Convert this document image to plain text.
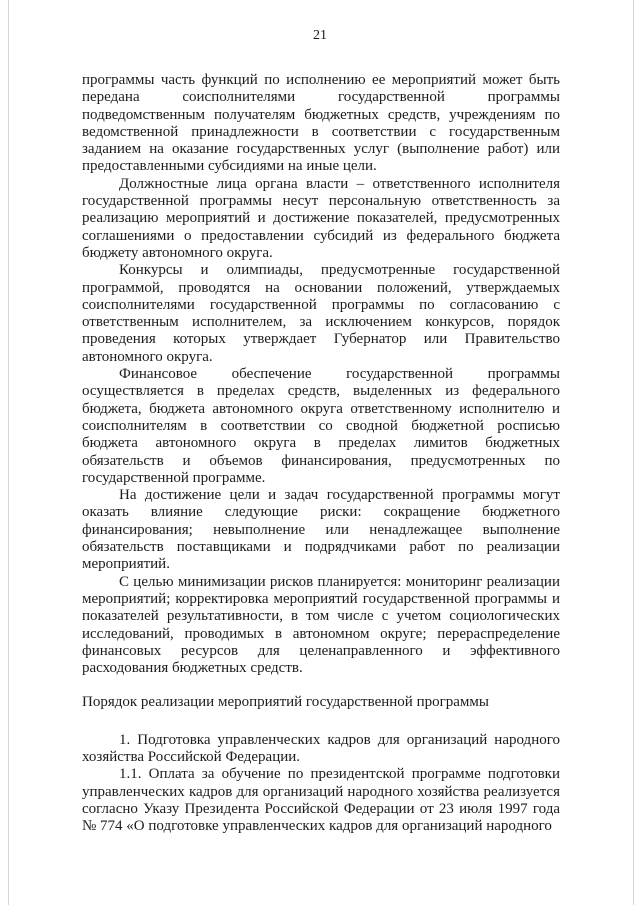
21

программы часть функций по исполнению ее мероприятий может быть передана соисполнителями государственной программы подведомственным получателям бюджетных средств, учреждениям по ведомственной принадлежности в соответствии с государственным заданием на оказание государственных услуг (выполнение работ) или предоставленными субсидиями на иные цели.

Должностные лица органа власти – ответственного исполнителя государственной программы несут персональную ответственность за реализацию мероприятий и достижение показателей, предусмотренных соглашениями о предоставлении субсидий из федерального бюджета бюджету автономного округа.

Конкурсы и олимпиады, предусмотренные государственной программой, проводятся на основании положений, утверждаемых соисполнителями государственной программы по согласованию с ответственным исполнителем, за исключением конкурсов, порядок проведения которых утверждает Губернатор или Правительство автономного округа.

Финансовое обеспечение государственной программы осуществляется в пределах средств, выделенных из федерального бюджета, бюджета автономного округа ответственному исполнителю и соисполнителям в соответствии со сводной бюджетной росписью бюджета автономного округа в пределах лимитов бюджетных обязательств и объемов финансирования, предусмотренных по государственной программе.

На достижение цели и задач государственной программы могут оказать влияние следующие риски: сокращение бюджетного финансирования; невыполнение или ненадлежащее выполнение обязательств поставщиками и подрядчиками работ по реализации мероприятий.

С целью минимизации рисков планируется: мониторинг реализации мероприятий; корректировка мероприятий государственной программы и показателей результативности, в том числе с учетом социологических исследований, проводимых в автономном округе; перераспределение финансовых ресурсов для целенаправленного и эффективного расходования бюджетных средств.

Порядок реализации мероприятий государственной программы

1. Подготовка управленческих кадров для организаций народного хозяйства Российской Федерации.

1.1. Оплата за обучение по президентской программе подготовки управленческих кадров для организаций народного хозяйства реализуется согласно Указу Президента Российской Федерации от 23 июля 1997 года № 774 «О подготовке управленческих кадров для организаций народного
